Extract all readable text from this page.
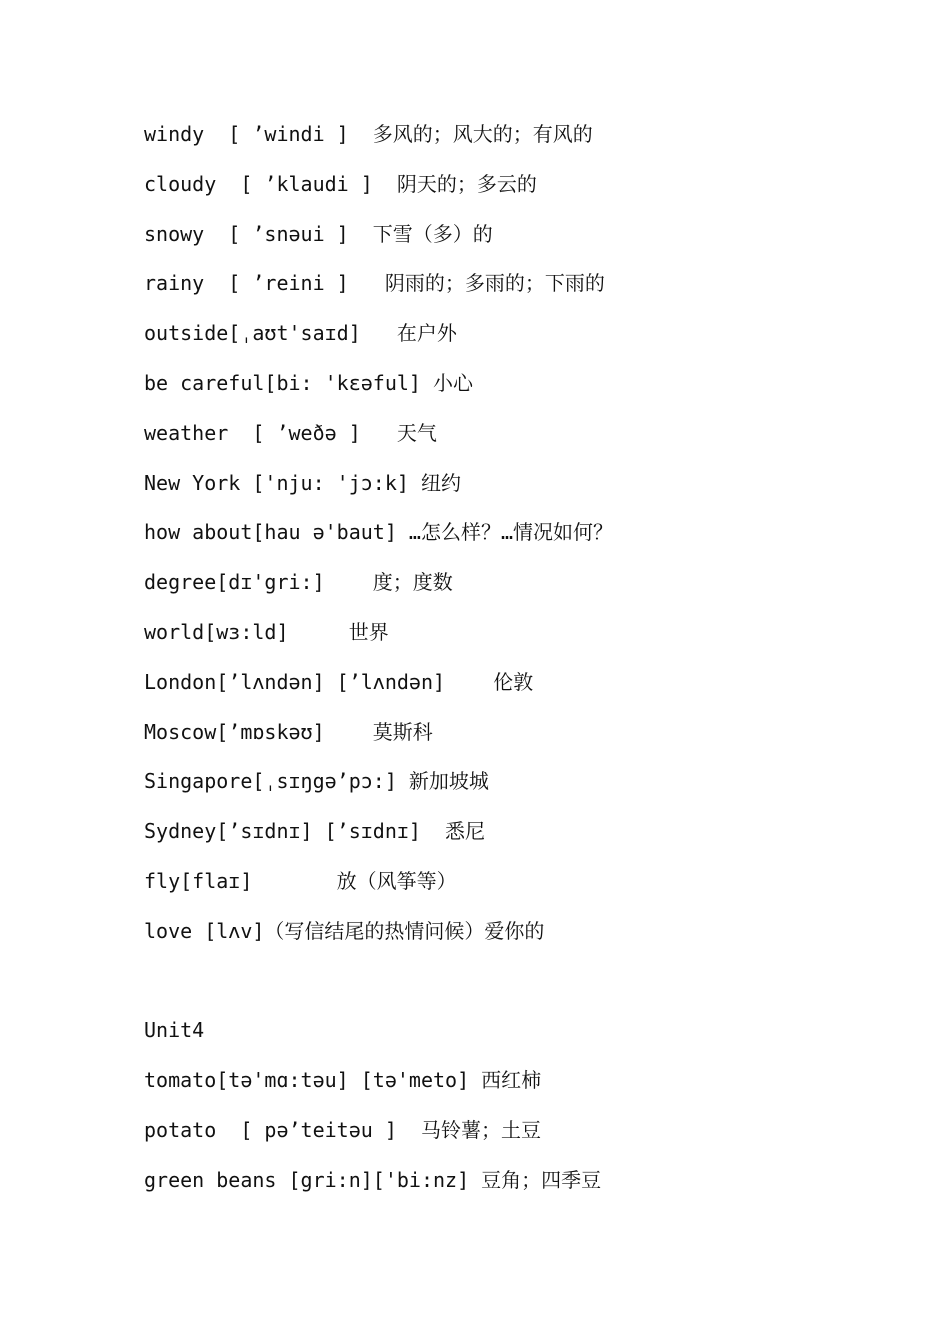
windy  [ ’windi ]  多风的；风大的；有风的
cloudy  [ ’klaudi ]  阴天的；多云的
snowy  [ ’snəui ]  下雪（多）的
rainy  [ ’reini ]   阴雨的；多雨的；下雨的
outside[ˌaʊt'saɪd]   在户外
be careful[bi: 'kɛəful] 小心
weather  [ ’weðə ]   天气
New York ['nju: 'jɔ:k] 纽约
how about[hau ə'baut] …怎么样？…情况如何？
degree[dɪ'gri:]    度；度数
world[wɜ:ld]     世界
London[’lʌndən] [’lʌndən]    伦敦
Moscow[’mɒskəʊ]    莫斯科
Singapore[ˌsɪŋgə’pɔ:] 新加坡城
Sydney[’sɪdnɪ] [’sɪdnɪ]  悉尼
fly[flaɪ]       放（风筝等）
love [lʌv]（写信结尾的热情问候）爱你的
Unit4
tomato[tə'mɑ:təu] [tə'meto] 西红柿
potato  [ pə’teitəu ]  马铃薯；土豆
green beans [gri:n]['bi:nz] 豆角；四季豆
